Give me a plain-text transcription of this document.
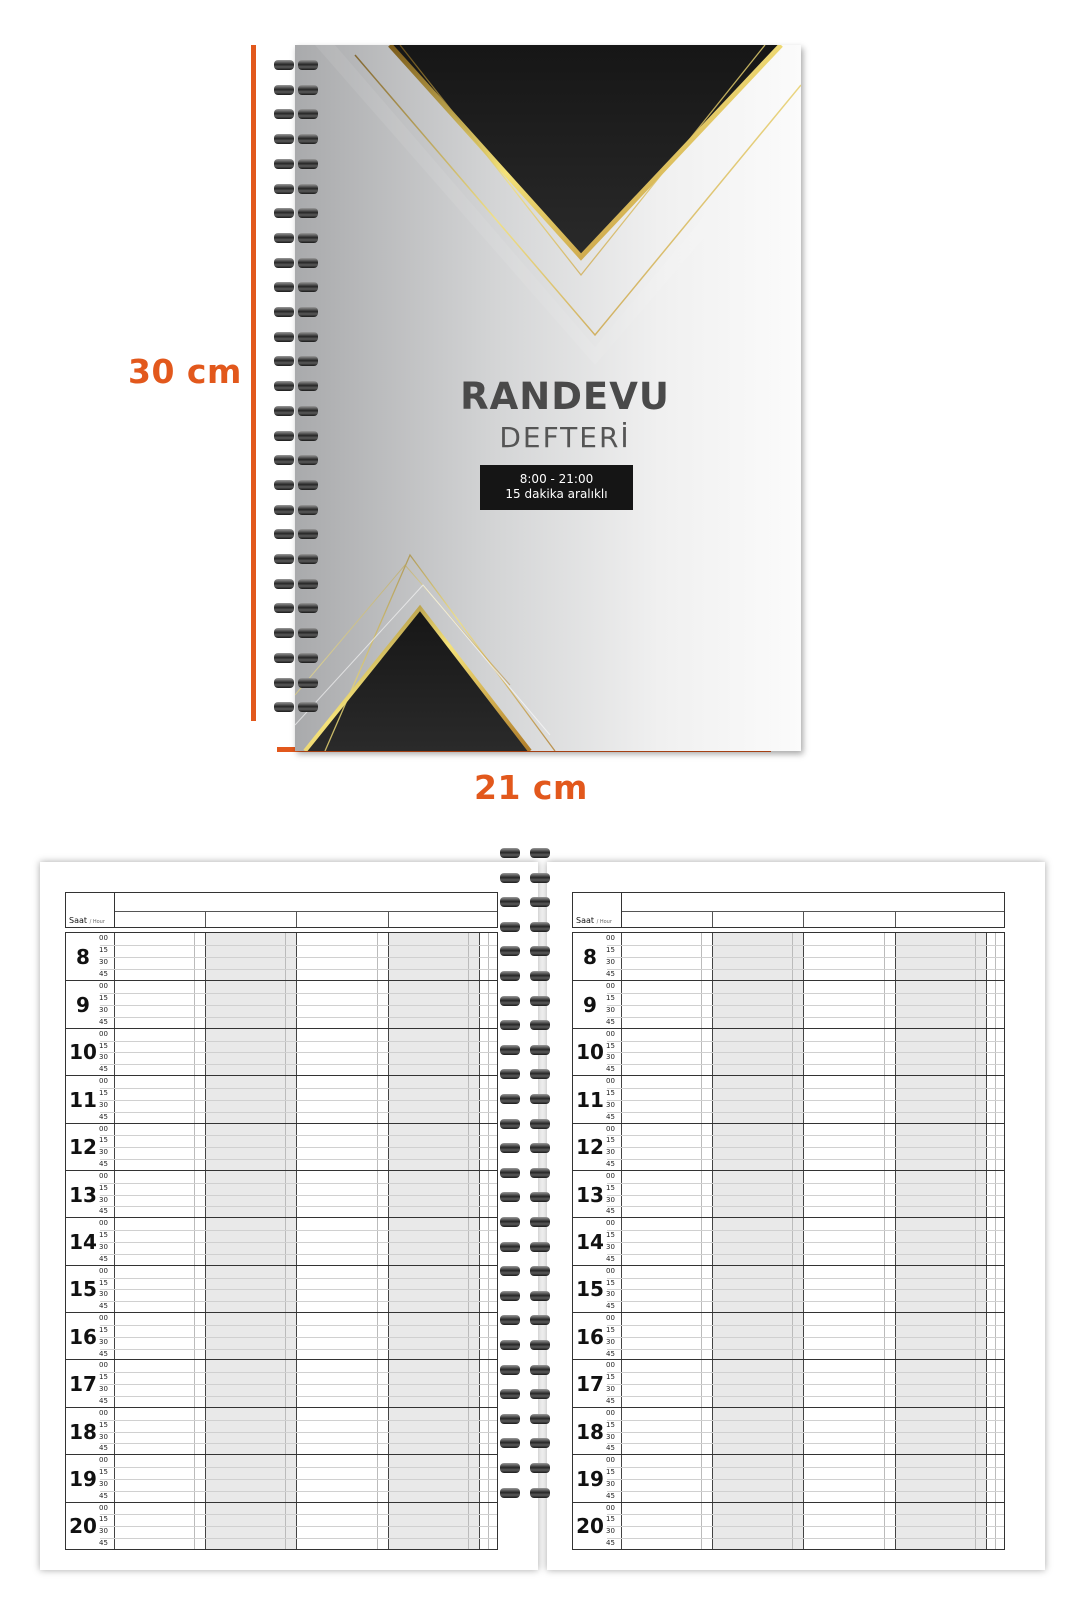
30 cm
21 cm
RANDEVU
DEFTERİ
8:00 - 21:00
15 dakika aralıklı
Saat / Hour
8
00
15
30
45
9
00
15
30
45
10
00
15
30
45
11
00
15
30
45
12
00
15
30
45
13
00
15
30
45
14
00
15
30
45
15
00
15
30
45
16
00
15
30
45
17
00
15
30
45
18
00
15
30
45
19
00
15
30
45
20
00
15
30
45
Saat / Hour
8
00
15
30
45
9
00
15
30
45
10
00
15
30
45
11
00
15
30
45
12
00
15
30
45
13
00
15
30
45
14
00
15
30
45
15
00
15
30
45
16
00
15
30
45
17
00
15
30
45
18
00
15
30
45
19
00
15
30
45
20
00
15
30
45
